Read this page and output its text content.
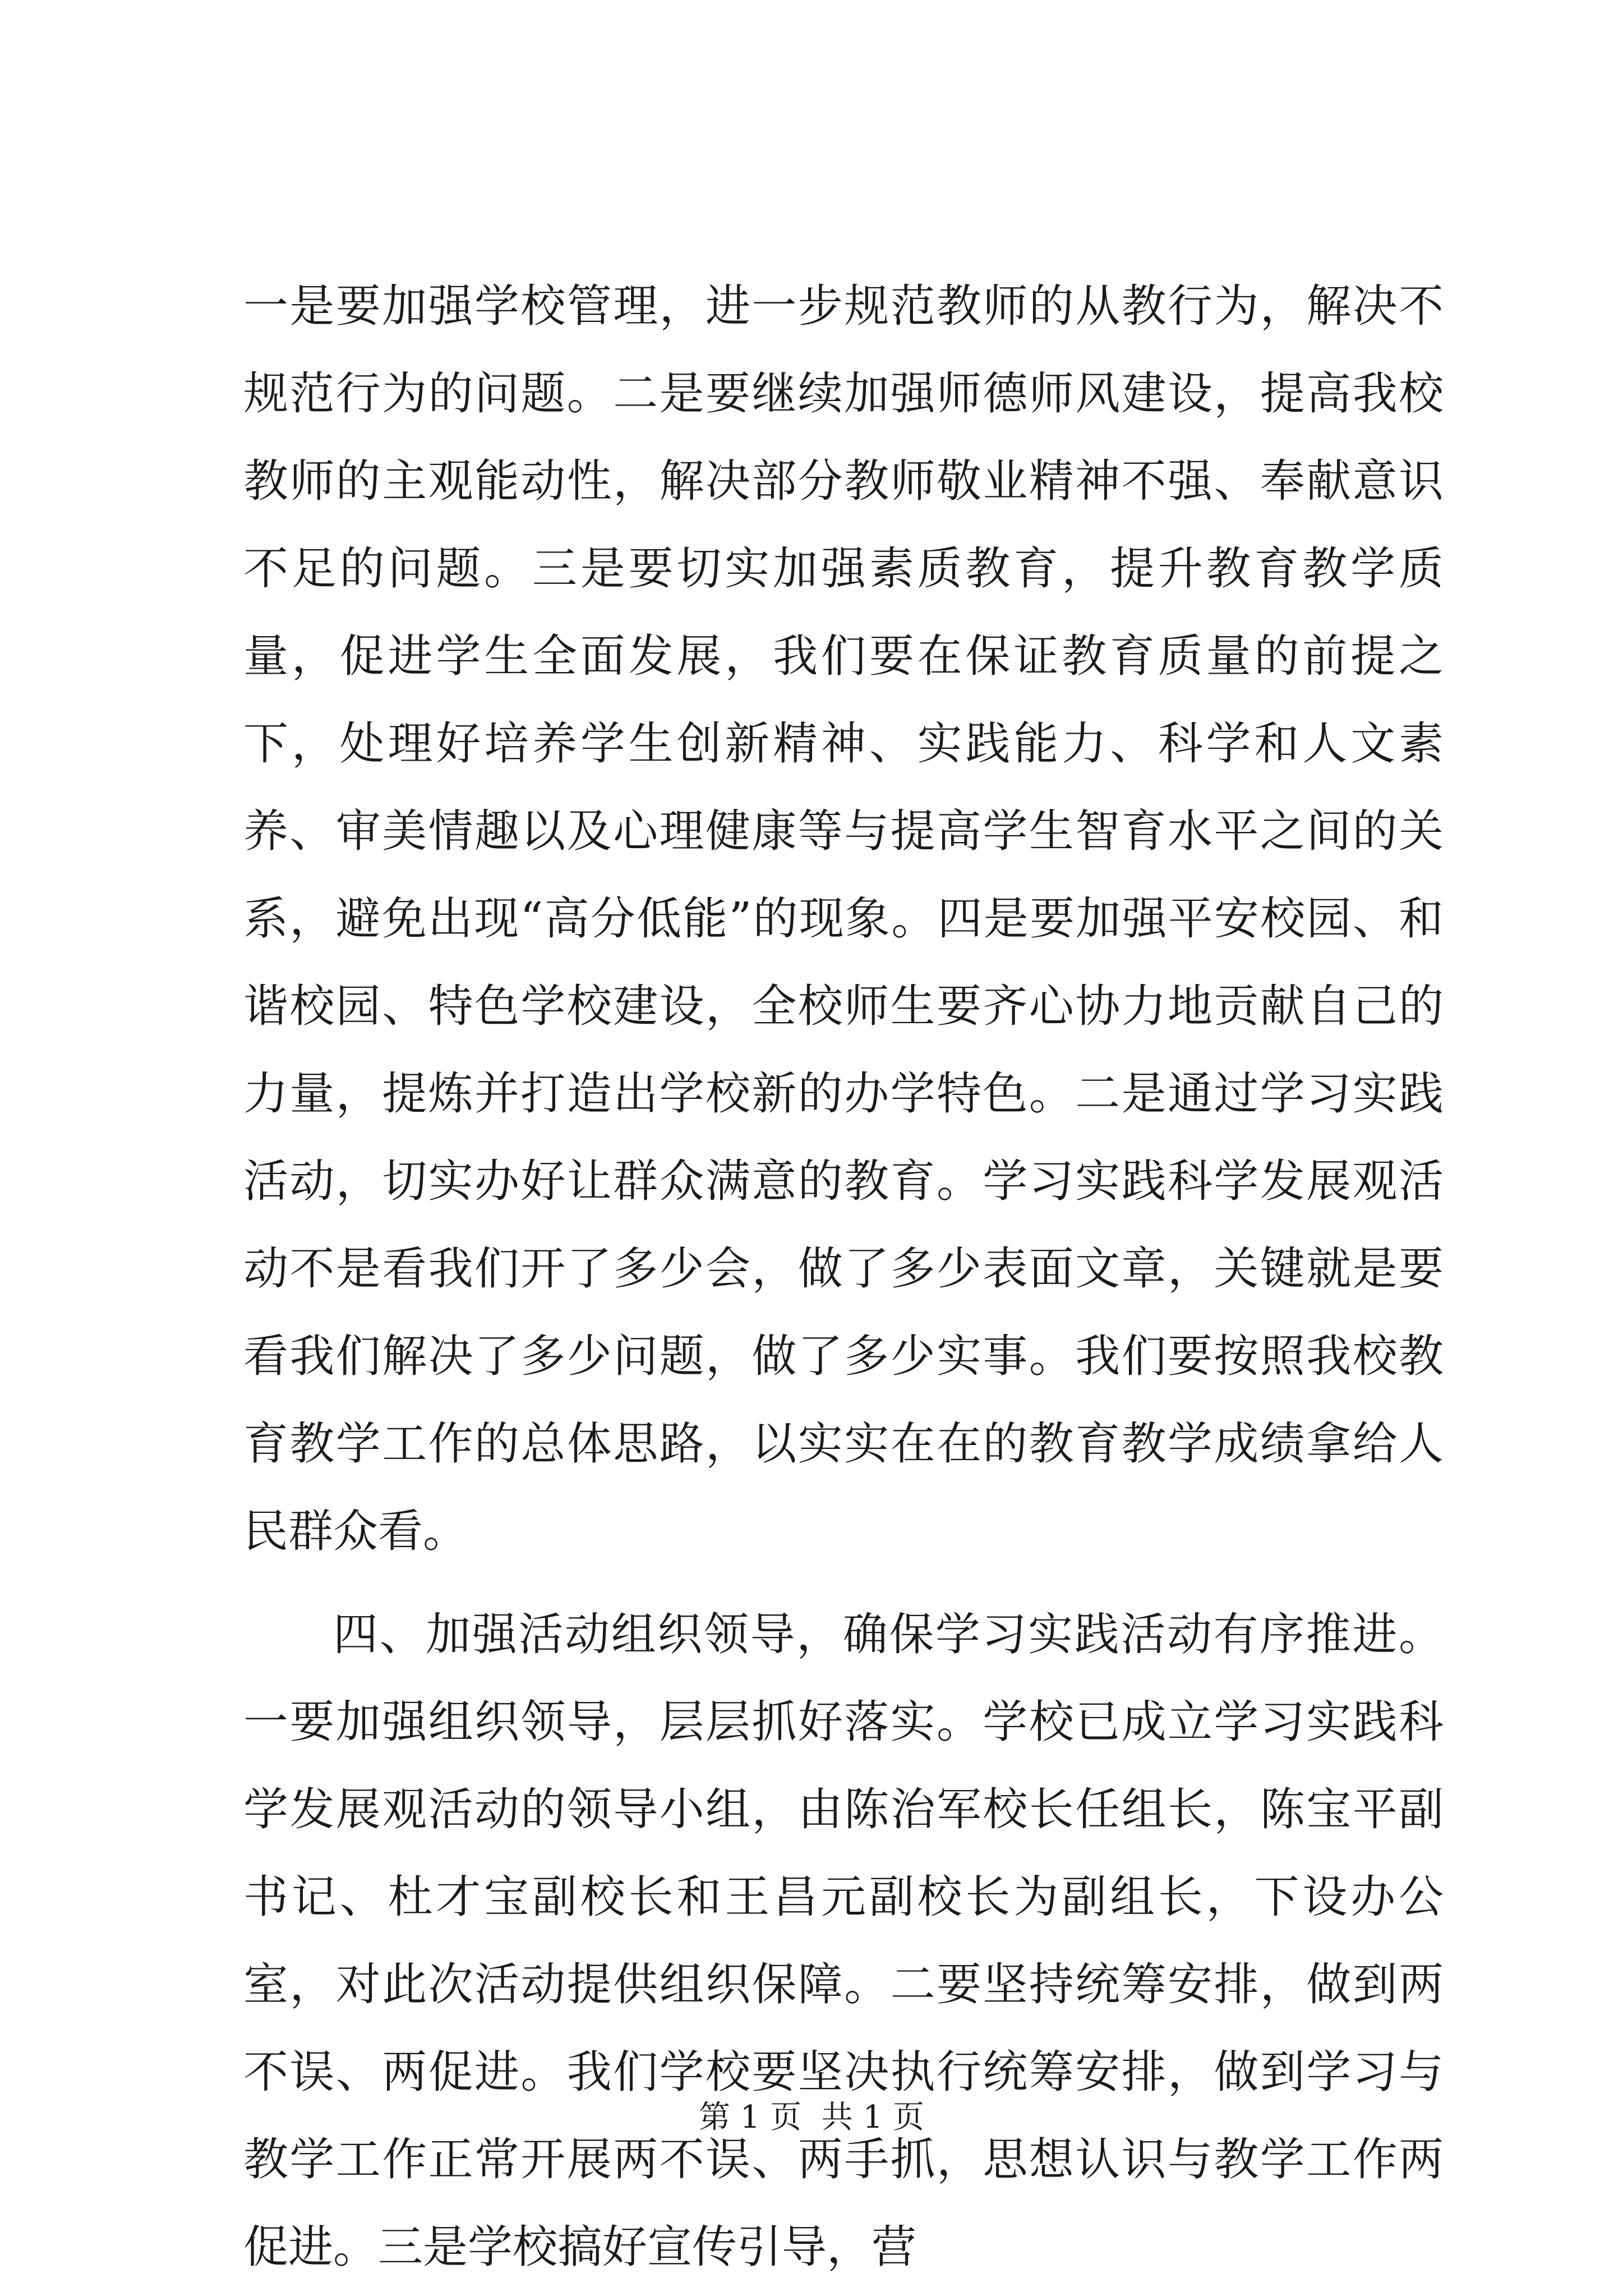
一是要加强学校管理，进一步规范教师的从教行为，解决不规范行为的问题。二是要继续加强师德师风建设，提高我校教师的主观能动性，解决部分教师敬业精神不强、奉献意识不足的问题。三是要切实加强素质教育，提升教育教学质量，促进学生全面发展，我们要在保证教育质量的前提之下，处理好培养学生创新精神、实践能力、科学和人文素养、审美情趣以及心理健康等与提高学生智育水平之间的关系，避免出现“高分低能”的现象。四是要加强平安校园、和谐校园、特色学校建设，全校师生要齐心协力地贡献自己的力量，提炼并打造出学校新的办学特色。二是通过学习实践活动，切实办好让群众满意的教育。学习实践科学发展观活动不是看我们开了多少会，做了多少表面文章，关键就是要看我们解决了多少问题，做了多少实事。我们要按照我校教育教学工作的总体思路，以实实在在的教育教学成绩拿给人民群众看。

四、加强活动组织领导，确保学习实践活动有序推进。一要加强组织领导，层层抓好落实。学校已成立学习实践科学发展观活动的领导小组，由陈治军校长任组长，陈宝平副书记、杜才宝副校长和王昌元副校长为副组长，下设办公室，对此次活动提供组织保障。二要坚持统筹安排，做到两不误、两促进。我们学校要坚决执行统筹安排，做到学习与教学工作正常开展两不误、两手抓，思想认识与教学工作两促进。三是学校搞好宣传引导，营

第 1 页  共 1 页
